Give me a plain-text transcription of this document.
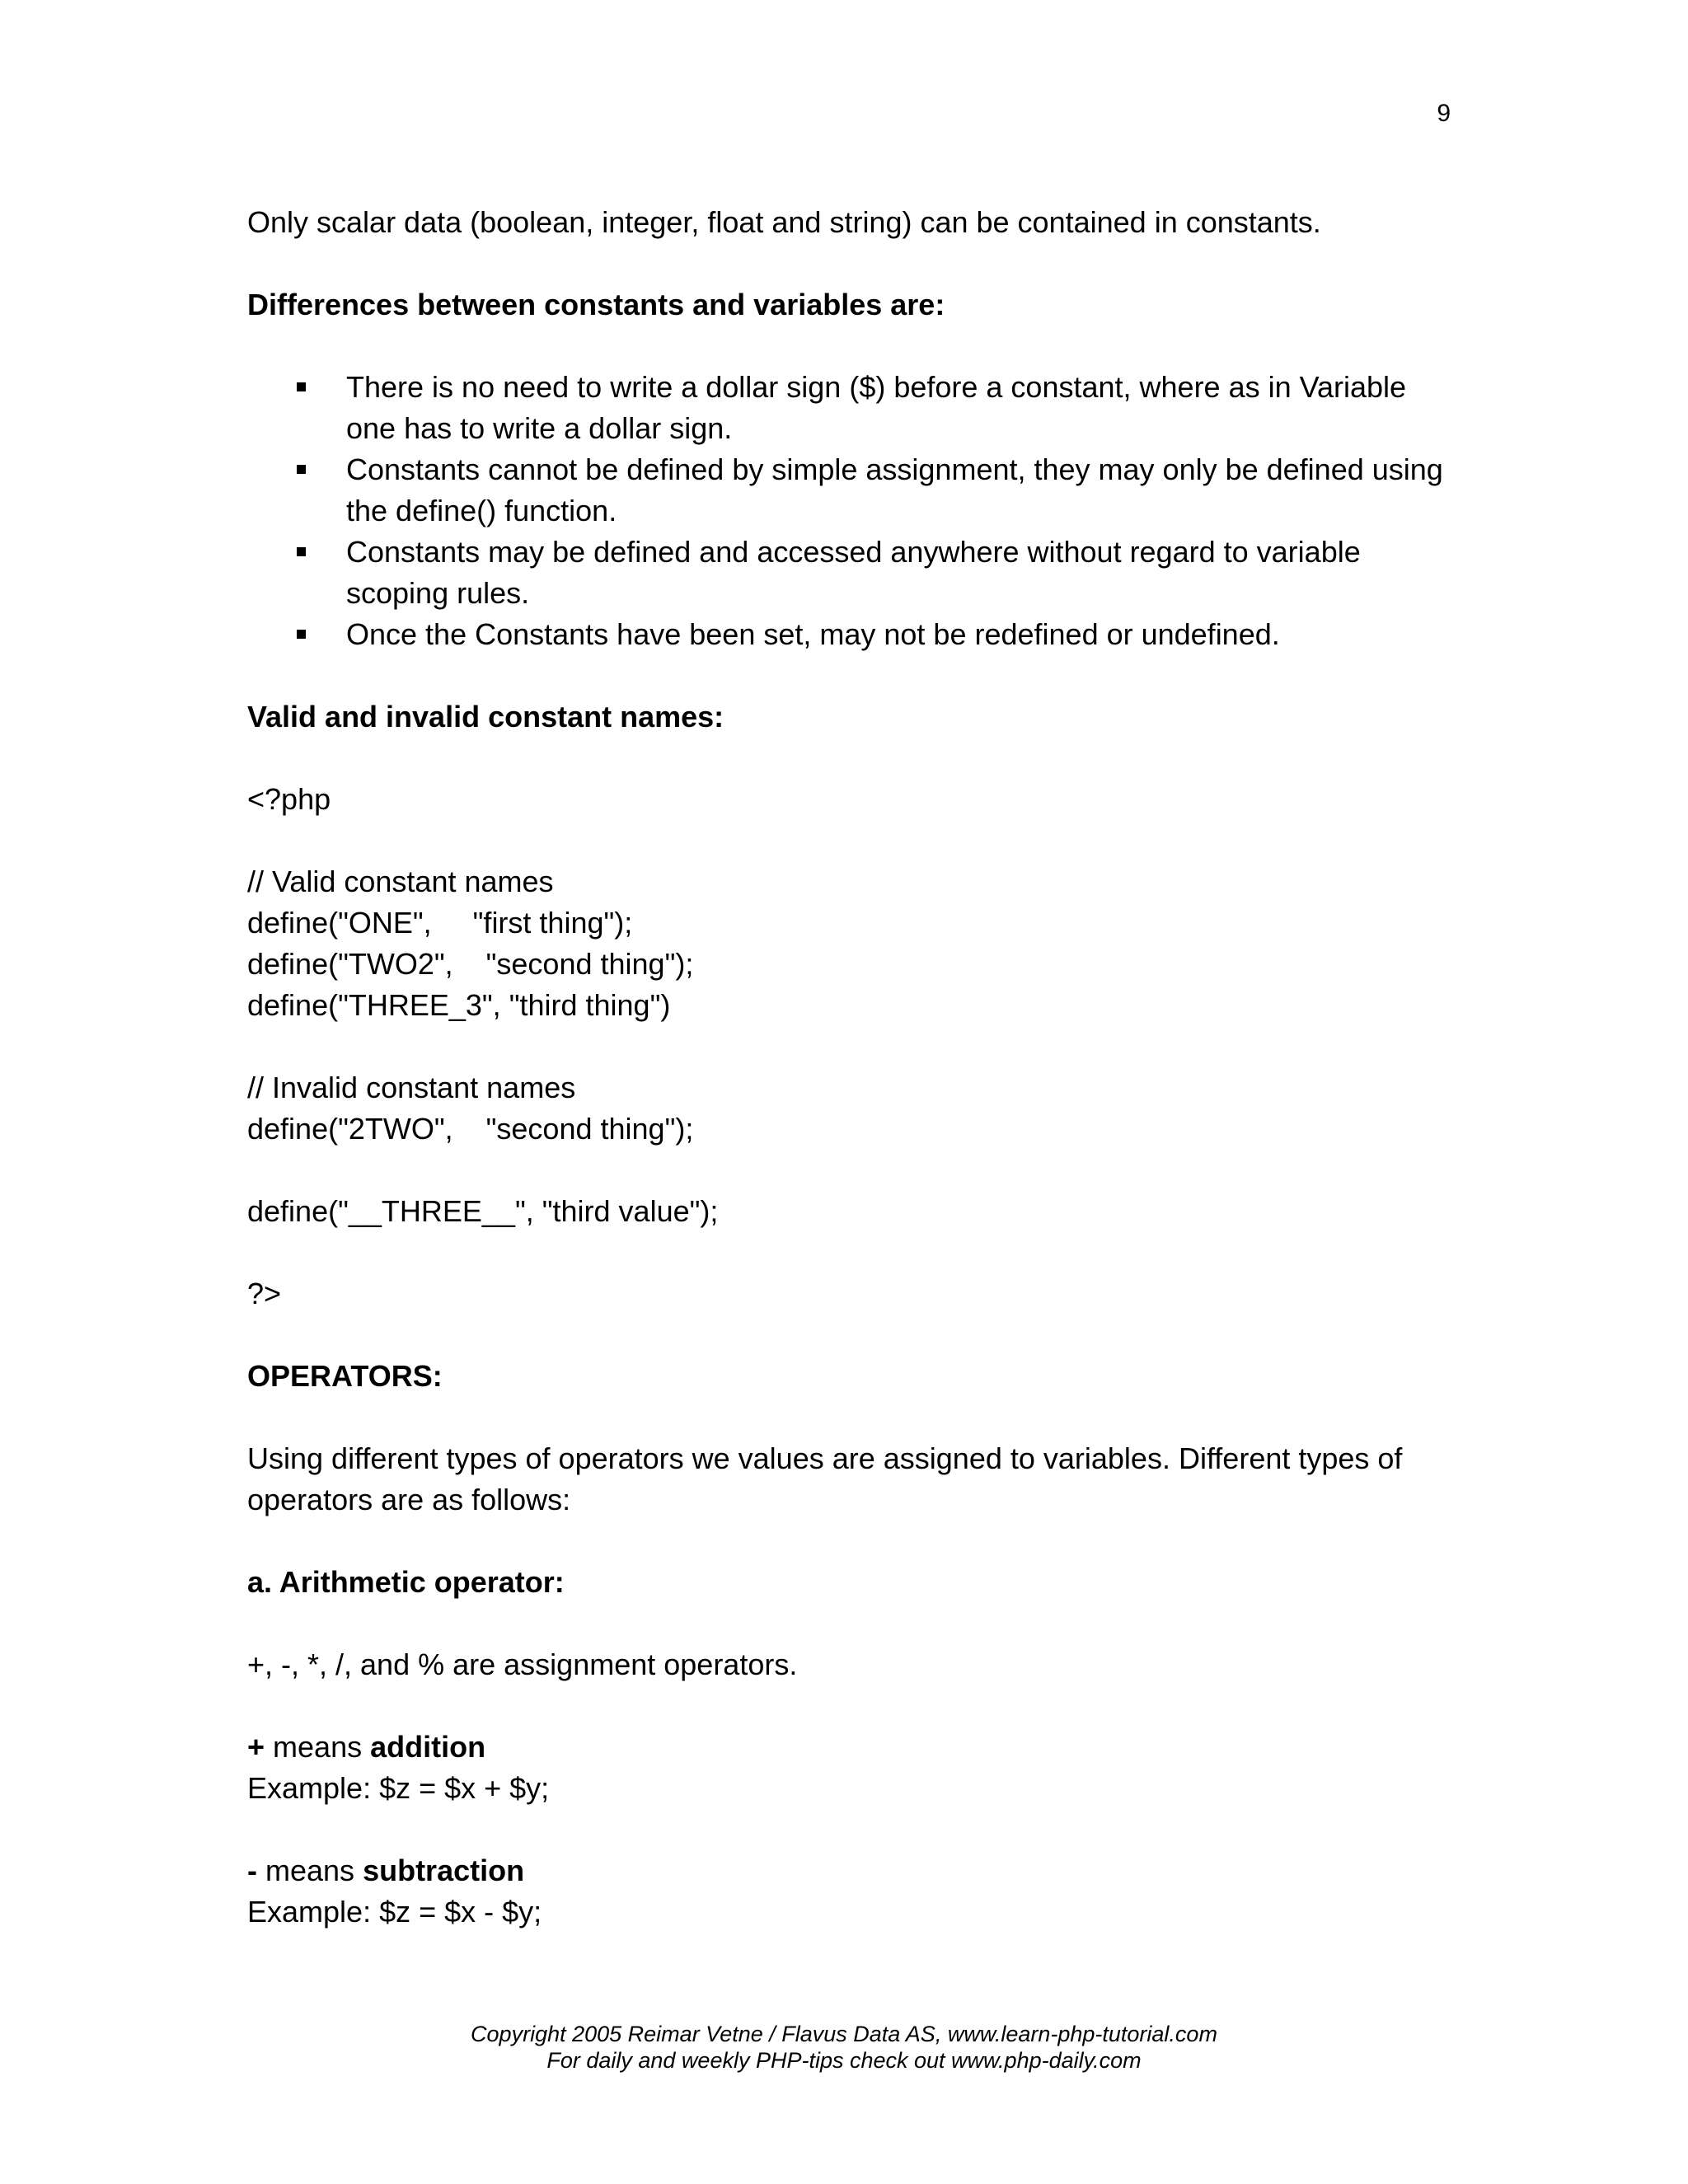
9

Only scalar data (boolean, integer, float and string) can be contained in constants.

Differences between constants and variables are:

There is no need to write a dollar sign ($) before a constant, where as in Variable one has to write a dollar sign.
Constants cannot be defined by simple assignment, they may only be defined using the define() function.
Constants may be defined and accessed anywhere without regard to variable scoping rules.
Once the Constants have been set, may not be redefined or undefined.

Valid and invalid constant names:

<?php

// Valid constant names

define("ONE",     "first thing");

define("TWO2",    "second thing");

define("THREE_3", "third thing")

// Invalid constant names

define("2TWO",    "second thing");

define("__THREE__", "third value");

?>

OPERATORS:

Using different types of operators we values are assigned to variables. Different types of

operators are as follows:

a. Arithmetic operator:

+, -, *, /, and % are assignment operators.

+ means addition

Example: $z = $x + $y;

- means subtraction

Example: $z = $x - $y;

Copyright 2005 Reimar Vetne / Flavus Data AS, www.learn-php-tutorial.com
For daily and weekly PHP-tips check out www.php-daily.com
